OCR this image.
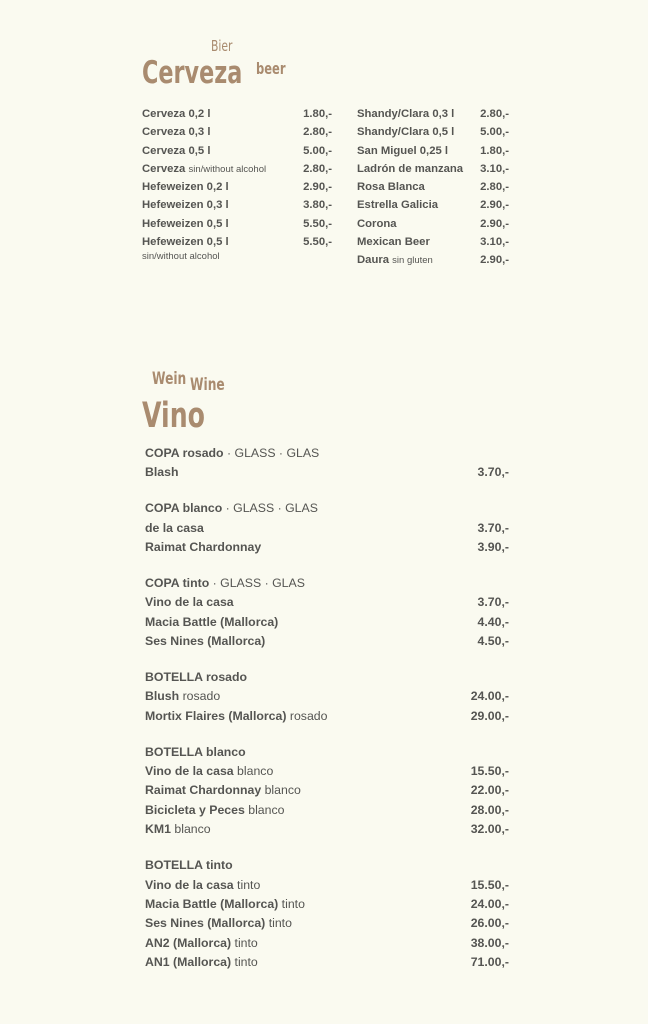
Bier
Cerveza beer
Cerveza 0,2 l	1.80,-
Cerveza 0,3 l	2.80,-
Cerveza 0,5 l	5.00,-
Cerveza sin/without alcohol	2.80,-
Hefeweizen 0,2 l	2.90,-
Hefeweizen 0,3 l	3.80,-
Hefeweizen 0,5 l	5.50,-
Hefeweizen 0,5 l	5.50,-
sin/without alcohol
Shandy/Clara 0,3 l 2.80,-
Shandy/Clara 0,5 l 5.00,-
San Miguel 0,25 l	1.80,-
Ladrón de manzana 3.10,-
Rosa Blanca	2.80,-
Estrella Galicia	2.90,-
Corona	2.90,-
Mexican Beer	3.10,-
Daura sin gluten	2.90,-
Wein Wine
Vino
COPA rosado · GLASS · GLAS
Blash	3.70,-
COPA blanco · GLASS · GLAS
de la casa	3.70,-
Raimat Chardonnay	3.90,-
COPA tinto · GLASS · GLAS
Vino de la casa	3.70,-
Macia Battle (Mallorca)	4.40,-
Ses Nines (Mallorca)	4.50,-
BOTELLA rosado
Blush rosado	24.00,-
Mortix Flaires (Mallorca) rosado	29.00,-
BOTELLA blanco
Vino de la casa blanco	15.50,-
Raimat Chardonnay blanco	22.00,-
Bicicleta y Peces blanco	28.00,-
KM1 blanco	32.00,-
BOTELLA tinto
Vino de la casa tinto	15.50,-
Macia Battle (Mallorca) tinto	24.00,-
Ses Nines (Mallorca) tinto	26.00,-
AN2 (Mallorca) tinto	38.00,-
AN1 (Mallorca) tinto	71.00,-
